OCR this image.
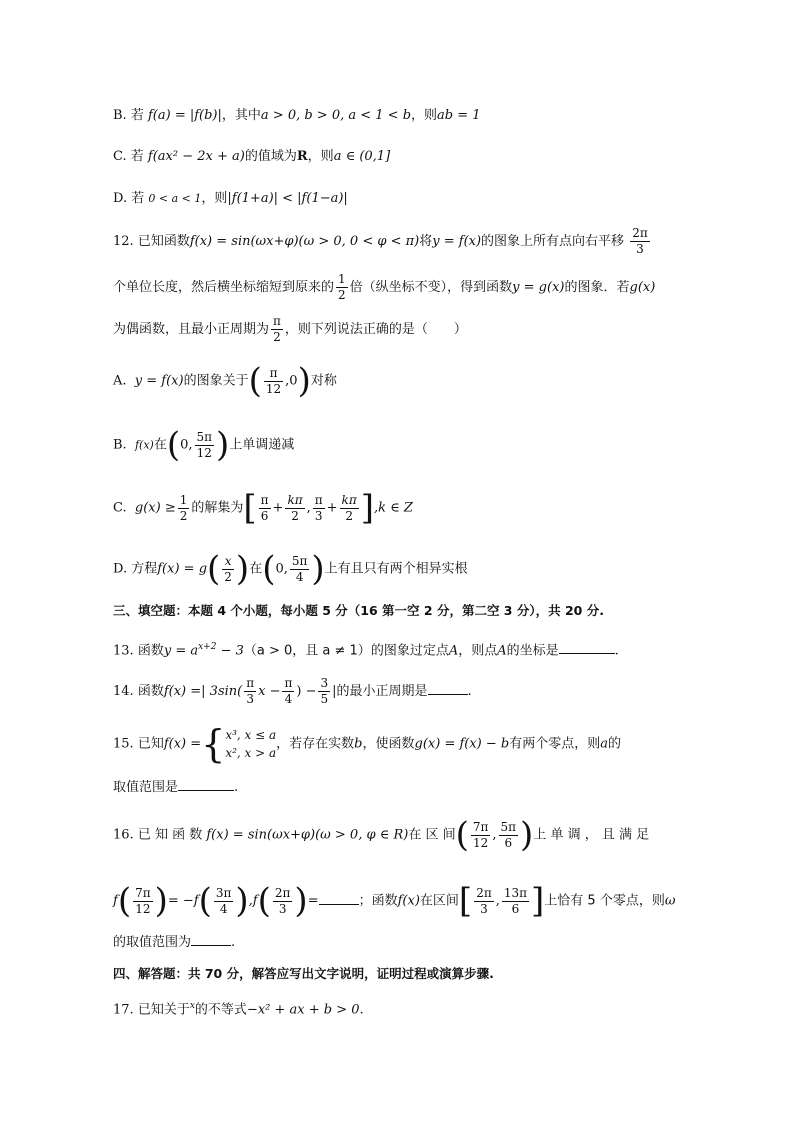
B. 若 f(a) = |f(b)|，其中a > 0, b > 0, a < 1 < b，则ab = 1
C. 若 f(ax² − 2x + a)的值域为R，则a ∈ (0,1]
D. 若 0 < a < 1，则|f(1+a)| < |f(1−a)|
12. 已知函数f(x) = sin(ωx+φ)(ω > 0, 0 < φ < π)将y = f(x)的图象上所有点向右平移 $\frac{2\pi}{3}$
个单位长度，然后横坐标缩短到原来的 $\frac{1}{2}$ 倍（纵坐标不变），得到函数y = g(x)的图象．若g(x)
为偶函数，且最小正周期为 $\frac{\pi}{2}$ ，则下列说法正确的是（　　）
A. y = f(x)的图象关于( $\frac{\pi}{12} ,0$)对称
B. f(x)在(0, $\frac{5\pi}{12}$ )上单调递减
C. $g(x) \ge \frac{1}{2}$ 的解集为[ $\frac{\pi}{6} + \frac{k\pi}{2}$ , $\frac{\pi}{3} + \frac{k\pi}{2} ],k$ ∈ Z
D. 方程$f(x) = g( \frac{x}{2}$ )在(0, $\frac{5\pi}{4}$ )上有且只有两个相异实根
三、填空题：本题 4 个小题，每小题 5 分（16 第一空 2 分，第二空 3 分），共 20 分.
13. 函数$y = a^{x+2} - 3(a > 0$，且 a ≠ 1）的图象过定点A，则点A的坐标是	.
14. 函数f(x) =| $3\sin( \frac{\pi}{3}$ $x - \frac{\pi}{4}$ ) − $\frac{3}{5}$ |的最小正周期是	.
15. 已知f(x) ={ x³, x ≤ a
x², x > a
，若存在实数b，使函数g(x) = f(x) − b有两个零点，则a的
取值范围是	.
16. 已 知 函 数 f(x) = sin(ωx+φ)(ω > 0, φ ∈ R)在 区 间( $\frac{7\pi}{12}$ , $\frac{5\pi}{6}$ )上 单 调 ， 且 满 足
$f( \frac{7\pi}{12}$ )= $-f( \frac{3\pi}{4} ),f( \frac{2\pi}{3}$ )=	；函数f(x)在区间[ $\frac{2\pi}{3}$ , $\frac{13\pi}{6}$ ]上恰有 5 个零点，则ω
的取值范围为	.
四、解答题：共 70 分，解答应写出文字说明，证明过程或演算步骤.
17. 已知关于$^x$的不等式−x² + ax + b > 0.
